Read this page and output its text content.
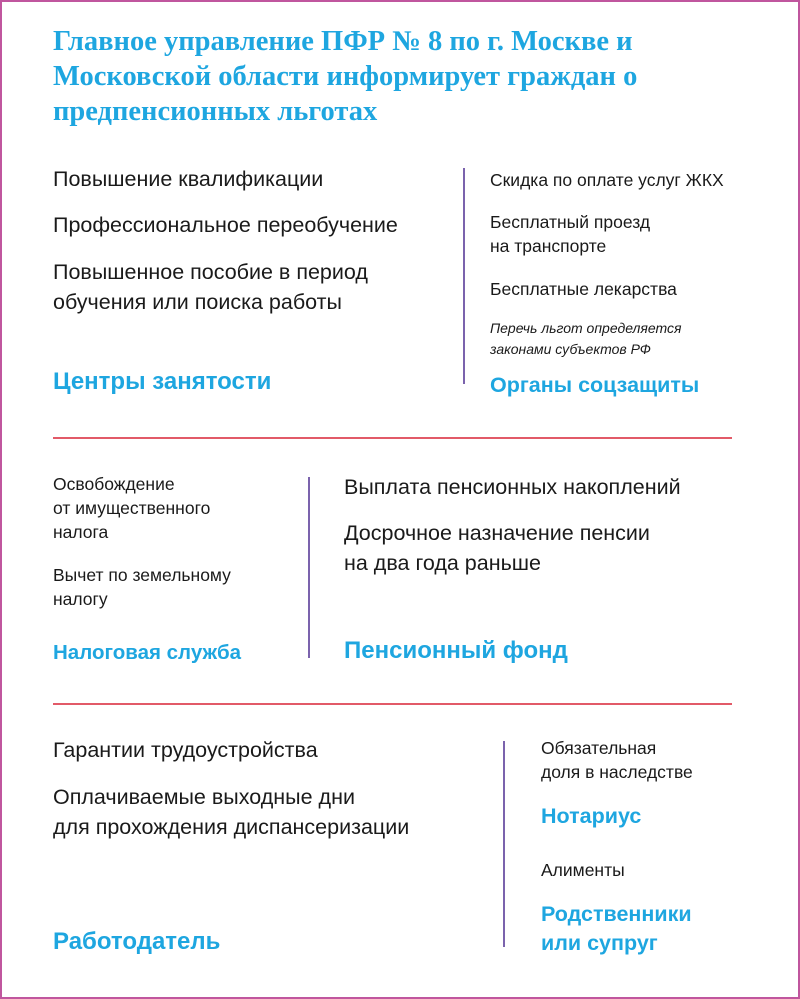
Главное управление ПФР № 8 по г. Москве и Московской области информирует граждан о предпенсионных льготах

Повышение квалификации

Профессиональное переобучение

Повышенное пособие в период

обучения или поиска работы

Центры занятости

Скидка по оплате услуг ЖКХ

Бесплатный проезд

на транспорте

Бесплатные лекарства

Перечь льгот определяется

законами субъектов РФ

Органы соцзащиты

Освобождение

от имущественного

налога

Вычет по земельному

налогу

Налоговая служба

Выплата пенсионных накоплений

Досрочное назначение пенсии

на два года раньше

Пенсионный фонд

Гарантии трудоустройства

Оплачиваемые выходные дни

для прохождения диспансеризации

Работодатель

Обязательная

доля в наследстве

Нотариус

Алименты

Родственники

или супруг
